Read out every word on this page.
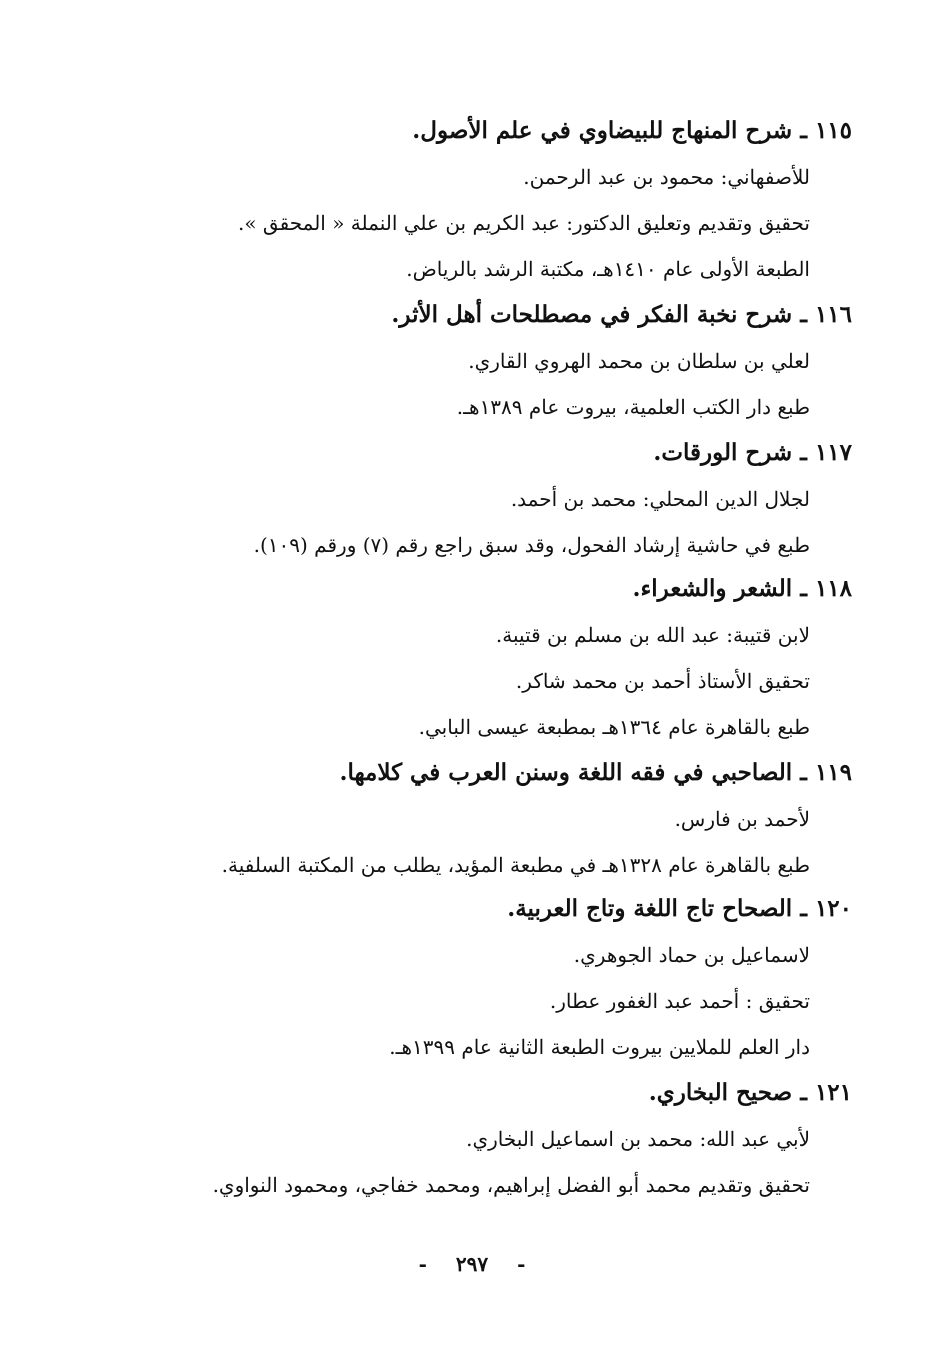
١١٥ ـ شرح المنهاج للبيضاوي في علم الأصول.
للأصفهاني: محمود بن عبد الرحمن.
تحقيق وتقديم وتعليق الدكتور: عبد الكريم بن علي النملة « المحقق ».
الطبعة الأولى عام ١٤١٠هـ، مكتبة الرشد بالرياض.
١١٦ ـ شرح نخبة الفكر في مصطلحات أهل الأثر.
لعلي بن سلطان بن محمد الهروي القاري.
طبع دار الكتب العلمية، بيروت عام ١٣٨٩هـ.
١١٧ ـ شرح الورقات.
لجلال الدين المحلي: محمد بن أحمد.
طبع في حاشية إرشاد الفحول، وقد سبق راجع رقم (٧) ورقم (١٠٩).
١١٨ ـ الشعر والشعراء.
لابن قتيبة: عبد الله بن مسلم بن قتيبة.
تحقيق الأستاذ أحمد بن محمد شاكر.
طبع بالقاهرة عام ١٣٦٤هـ بمطبعة عيسى البابي.
١١٩ ـ الصاحبي في فقه اللغة وسنن العرب في كلامها.
لأحمد بن فارس.
طبع بالقاهرة عام ١٣٢٨هـ في مطبعة المؤيد، يطلب من المكتبة السلفية.
١٢٠ ـ الصحاح تاج اللغة وتاج العربية.
لاسماعيل بن حماد الجوهري.
تحقيق : أحمد عبد الغفور عطار.
دار العلم للملايين بيروت الطبعة الثانية عام ١٣٩٩هـ.
١٢١ ـ صحيح البخاري.
لأبي عبد الله: محمد بن اسماعيل البخاري.
تحقيق وتقديم محمد أبو الفضل إبراهيم، ومحمد خفاجي، ومحمود النواوي.
- ٢٩٧ -
